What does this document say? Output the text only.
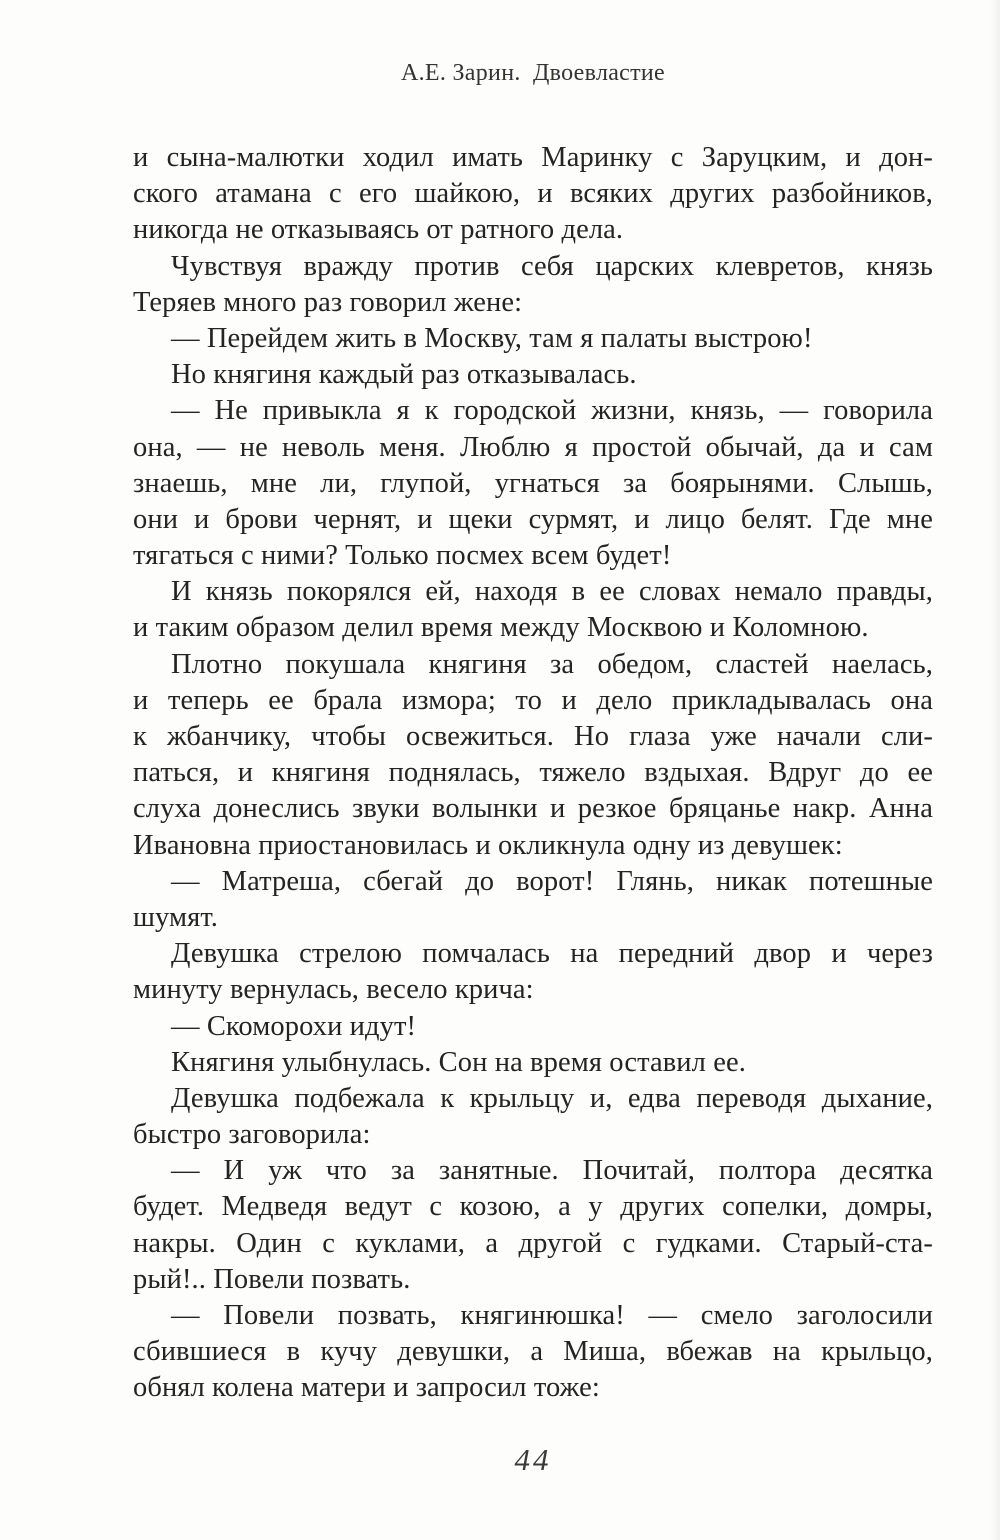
А.Е. Зарин. Двоевластие
и сына-малютки ходил имать Маринку с Заруцким, и дон-
ского атамана с его шайкою, и всяких других разбойников,
никогда не отказываясь от ратного дела.
Чувствуя вражду против себя царских клевретов, князь
Теряев много раз говорил жене:
— Перейдем жить в Москву, там я палаты выстрою!
Но княгиня каждый раз отказывалась.
— Не привыкла я к городской жизни, князь, — говорила
она, — не неволь меня. Люблю я простой обычай, да и сам
знаешь, мне ли, глупой, угнаться за боярынями. Слышь,
они и брови чернят, и щеки сурмят, и лицо белят. Где мне
тягаться с ними? Только посмех всем будет!
И князь покорялся ей, находя в ее словах немало правды,
и таким образом делил время между Москвою и Коломною.
Плотно покушала княгиня за обедом, сластей наелась,
и теперь ее брала измора; то и дело прикладывалась она
к жбанчику, чтобы освежиться. Но глаза уже начали сли-
паться, и княгиня поднялась, тяжело вздыхая. Вдруг до ее
слуха донеслись звуки волынки и резкое бряцанье накр. Анна
Ивановна приостановилась и окликнула одну из девушек:
— Матреша, сбегай до ворот! Глянь, никак потешные
шумят.
Девушка стрелою помчалась на передний двор и через
минуту вернулась, весело крича:
— Скоморохи идут!
Княгиня улыбнулась. Сон на время оставил ее.
Девушка подбежала к крыльцу и, едва переводя дыхание,
быстро заговорила:
— И уж что за занятные. Почитай, полтора десятка
будет. Медведя ведут с козою, а у других сопелки, домры,
накры. Один с куклами, а другой с гудками. Старый-ста-
рый!.. Повели позвать.
— Повели позвать, княгинюшка! — смело заголосили
сбившиеся в кучу девушки, а Миша, вбежав на крыльцо,
обнял колена матери и запросил тоже:
44
